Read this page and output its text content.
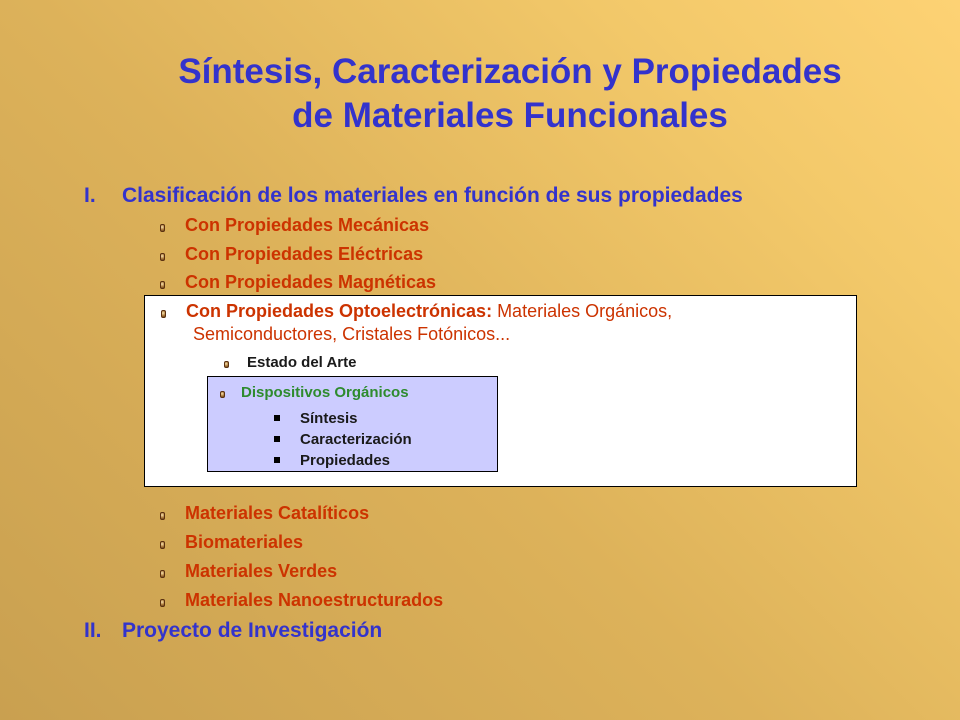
Síntesis, Caracterización y Propiedades
de Materiales Funcionales
I. Clasificación de los materiales en función de sus propiedades
Con Propiedades Mecánicas
Con Propiedades Eléctricas
Con Propiedades Magnéticas
Con Propiedades Optoelectrónicas: Materiales Orgánicos,
Semiconductores, Cristales Fotónicos...
Estado del Arte
Dispositivos Orgánicos
Síntesis
Caracterización
Propiedades
Materiales Catalíticos
Biomateriales
Materiales Verdes
Materiales Nanoestructurados
II. Proyecto de Investigación
